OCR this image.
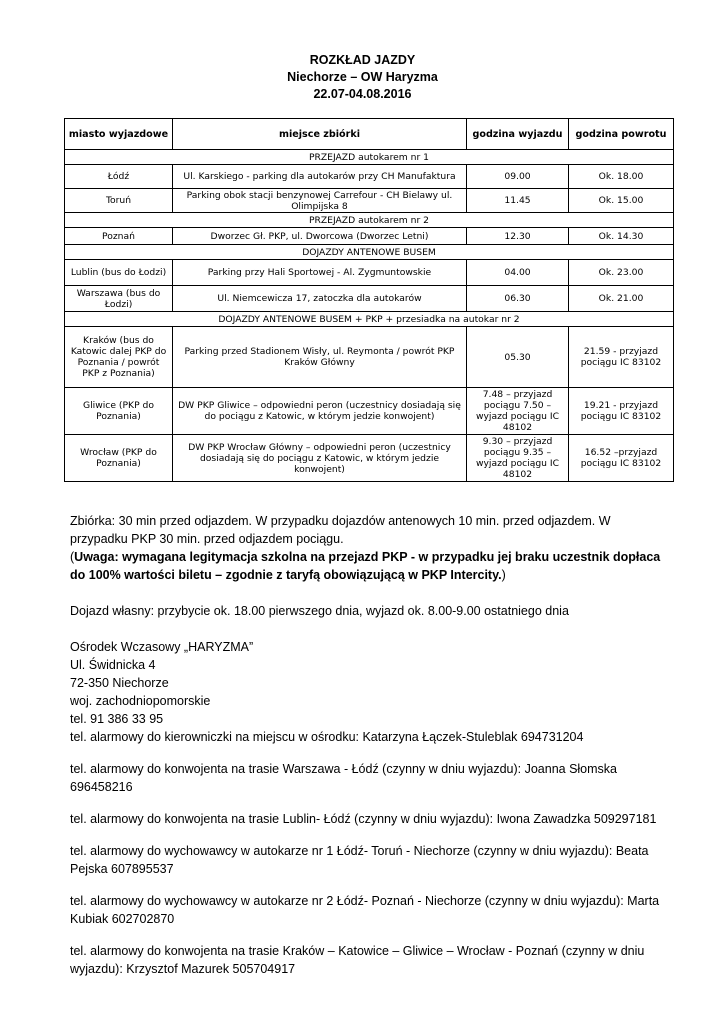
ROZKŁAD JAZDY
Niechorze – OW Haryzma
22.07-04.08.2016
miasto wyjazdowe	miejsce zbiórki	godzina wyjazdu	godzina powrotu
PRZEJAZD autokarem nr 1			
Łódź	Ul. Karskiego - parking dla autokarów przy CH Manufaktura	09.00	Ok. 18.00
Toruń	Parking obok stacji benzynowej Carrefour - CH Bielawy ul. Olimpijska 8	11.45	Ok. 15.00
PRZEJAZD autokarem nr 2			
Poznań	Dworzec Gł. PKP, ul. Dworcowa (Dworzec Letni)	12.30	Ok. 14.30
DOJAZDY ANTENOWE BUSEM			
Lublin (bus do Łodzi)	Parking przy Hali Sportowej - Al. Zygmuntowskie	04.00	Ok. 23.00
Warszawa (bus do Łodzi)	Ul. Niemcewicza 17, zatoczka dla autokarów	06.30	Ok. 21.00
DOJAZDY ANTENOWE BUSEM + PKP + przesiadka na autokar nr 2			
Kraków (bus do Katowic dalej PKP do Poznania / powrót PKP z Poznania)	Parking przed Stadionem Wisły, ul. Reymonta / powrót PKP Kraków Główny	05.30	21.59 - przyjazd pociągu IC 83102
Gliwice (PKP do Poznania)	DW PKP Gliwice – odpowiedni peron (uczestnicy dosiadają się do pociągu z Katowic, w którym jedzie konwojent)	7.48 – przyjazd pociągu 7.50 – wyjazd pociągu IC 48102	19.21 - przyjazd pociągu IC 83102
Wrocław (PKP do Poznania)	DW PKP Wrocław Główny – odpowiedni peron (uczestnicy dosiadają się do pociągu z Katowic, w którym jedzie konwojent)	9.30 – przyjazd pociągu 9.35 – wyjazd pociągu IC 48102	16.52 –przyjazd pociągu IC 83102

Zbiórka: 30 min przed odjazdem. W przypadku dojazdów antenowych 10 min. przed odjazdem. W przypadku PKP 30 min. przed odjazdem pociągu.

(Uwaga: wymagana legitymacja szkolna na przejazd PKP - w przypadku jej braku uczestnik dopłaca do 100% wartości biletu – zgodnie z taryfą obowiązującą w PKP Intercity.)

Dojazd własny: przybycie ok. 18.00 pierwszego dnia, wyjazd ok. 8.00-9.00 ostatniego dnia

Ośrodek Wczasowy „HARYZMA”

Ul. Świdnicka 4

72-350 Niechorze

woj. zachodniopomorskie

tel. 91 386 33 95

tel. alarmowy do kierowniczki na miejscu w ośrodku: Katarzyna Łączek-Stuleblak 694731204

tel. alarmowy do konwojenta na trasie Warszawa - Łódź (czynny w dniu wyjazdu): Joanna Słomska 696458216

tel. alarmowy do konwojenta na trasie Lublin- Łódź (czynny w dniu wyjazdu): Iwona Zawadzka 509297181

tel. alarmowy do wychowawcy w autokarze nr 1 Łódź- Toruń - Niechorze (czynny w dniu wyjazdu): Beata Pejska 607895537

tel. alarmowy do wychowawcy w autokarze nr 2 Łódź- Poznań - Niechorze (czynny w dniu wyjazdu): Marta Kubiak 602702870

tel. alarmowy do konwojenta na trasie Kraków – Katowice – Gliwice – Wrocław - Poznań (czynny w dniu wyjazdu): Krzysztof Mazurek 505704917
